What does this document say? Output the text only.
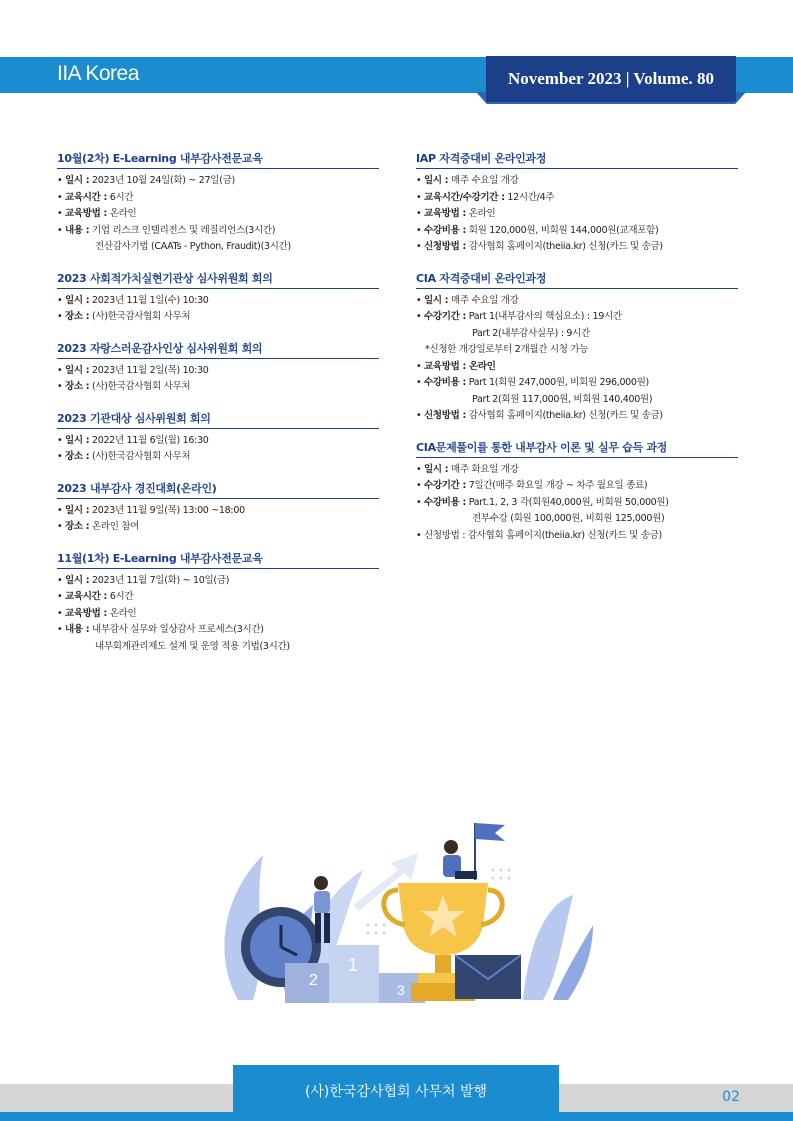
IIA Korea	November 2023 | Volume. 80
10월(2차) E-Learning 내부감사전문교육
• 일시 : 2023년 10월 24일(화) ~ 27일(금)
• 교육시간 : 6시간
• 교육방법 : 온라인
• 내용 : 기업 리스크 인텔리전스 및 레질리언스(3시간)
전산감사기법 (CAATs - Python, Fraudit)(3시간)
2023 사회적가치실현기관상 심사위원회 회의
• 일시 : 2023년 11월 1일(수) 10:30
• 장소 : (사)한국감사협회 사무처
2023 자랑스러운감사인상 심사위원회 회의
• 일시 : 2023년 11월 2일(목) 10:30
• 장소 : (사)한국감사협회 사무처
2023 기관대상 심사위원회 회의
• 일시 : 2022년 11월 6일(월) 16:30
• 장소 : (사)한국감사협회 사무처
2023 내부감사 경진대회(온라인)
• 일시 : 2023년 11월 9일(목) 13:00 ~18:00
• 장소 : 온라인 참여
11월(1차) E-Learning 내부감사전문교육
• 일시 : 2023년 11월 7일(화) ~ 10일(금)
• 교육시간 : 6시간
• 교육방법 : 온라인
• 내용 : 내부감사 실무와 일상감사 프로세스(3시간)
내부회계관리제도 설계 및 운영 적용 기법(3시간)
IAP 자격증대비 온라인과정
• 일시 : 매주 수요일 개강
• 교육시간/수강기간 : 12시간/4주
• 교육방법 : 온라인
• 수강비용 : 회원 120,000원, 비회원 144,000원(교재포함)
• 신청방법 : 감사협회 홈페이지(theiia.kr) 신청(카드 및 송금)
CIA 자격증대비 온라인과정
• 일시 : 매주 수요일 개강
• 수강기간 : Part 1(내부감사의 핵심요소) : 19시간
Part 2(내부감사실무) : 9시간
*신청한 개강일로부터 2개월간 시청 가능
• 교육방법 : 온라인
• 수강비용 : Part 1(회원 247,000원, 비회원 296,000원)
Part 2(회원 117,000원, 비회원 140,400원)
• 신청방법 : 감사협회 홈페이지(theiia.kr) 신청(카드 및 송금)
CIA문제풀이를 통한 내부감사 이론 및 실무 습득 과정
• 일시 : 매주 화요일 개강
• 수강기간 : 7일간(매주 화요일 개강 ~ 차주 월요일 종료)
• 수강비용 : Part.1, 2, 3 각(회원40,000원, 비회원 50,000원)
전부수강 (회원 100,000원, 비회원 125,000원)
• 신청방법 : 감사협회 홈페이지(theiia.kr) 신청(카드 및 송금)
2
1
3
(사)한국감사협회 사무처 발행	02
